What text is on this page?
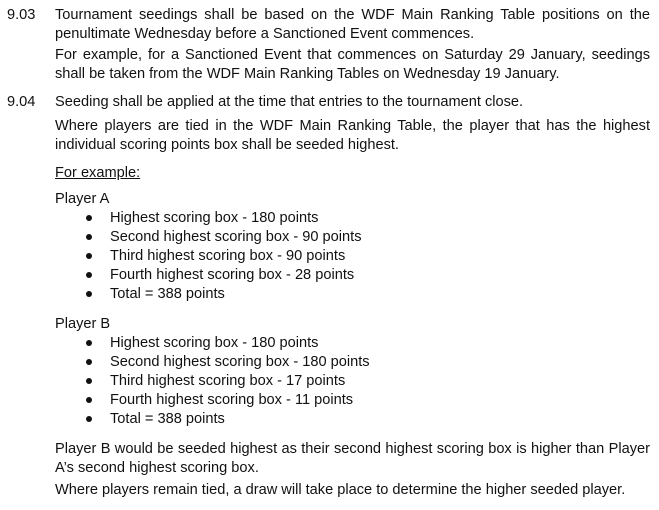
9.03 Tournament seedings shall be based on the WDF Main Ranking Table positions on the
penultimate Wednesday before a Sanctioned Event commences.
For example, for a Sanctioned Event that commences on Saturday 29 January, seedings
shall be taken from the WDF Main Ranking Tables on Wednesday 19 January.
9.04 Seeding shall be applied at the time that entries to the tournament close.
Where players are tied in the WDF Main Ranking Table, the player that has the highest
individual scoring points box shall be seeded highest.
For example:
Player A
Highest scoring box - 180 points
Second highest scoring box - 90 points
Third highest scoring box - 90 points
Fourth highest scoring box - 28 points
Total = 388 points
Player B
Highest scoring box - 180 points
Second highest scoring box - 180 points
Third highest scoring box - 17 points
Fourth highest scoring box - 11 points
Total = 388 points
Player B would be seeded highest as their second highest scoring box is higher than Player
A’s second highest scoring box.
Where players remain tied, a draw will take place to determine the higher seeded player.
